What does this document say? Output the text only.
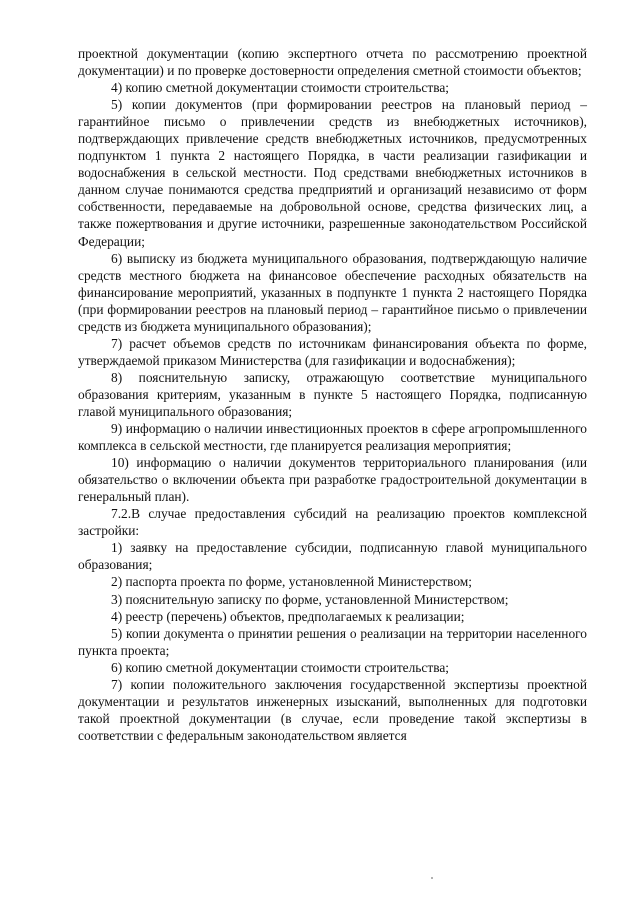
проектной документации (копию экспертного отчета по рассмотрению проектной документации) и по проверке достоверности определения сметной стоимости объектов;

4) копию сметной документации стоимости строительства;

5) копии документов (при формировании реестров на плановый период – гарантийное письмо о привлечении средств из внебюджетных источников), подтверждающих привлечение средств внебюджетных источников, предусмотренных подпунктом 1 пункта 2 настоящего Порядка, в части реализации газификации и водоснабжения в сельской местности. Под средствами внебюджетных источников в данном случае понимаются средства предприятий и организаций независимо от форм собственности, передаваемые на добровольной основе, средства физических лиц, а также пожертвования и другие источники, разрешенные законодательством Российской Федерации;

6) выписку из бюджета муниципального образования, подтверждающую наличие средств местного бюджета на финансовое обеспечение расходных обязательств на финансирование мероприятий, указанных в подпункте 1 пункта 2 настоящего Порядка (при формировании реестров на плановый период – гарантийное письмо о привлечении средств из бюджета муниципального образования);

7) расчет объемов средств по источникам финансирования объекта по форме, утверждаемой приказом Министерства (для газификации и водоснабжения);

8) пояснительную записку, отражающую соответствие муниципального образования критериям, указанным в пункте 5 настоящего Порядка, подписанную главой муниципального образования;

9) информацию о наличии инвестиционных проектов в сфере агропромышленного комплекса в сельской местности, где планируется реализация мероприятия;

10) информацию о наличии документов территориального планирования (или обязательство о включении объекта при разработке градостроительной документации в генеральный план).

7.2.В случае предоставления субсидий на реализацию проектов комплексной застройки:

1) заявку на предоставление субсидии, подписанную главой муниципального образования;

2) паспорта проекта по форме, установленной Министерством;

3) пояснительную записку по форме, установленной Министерством;

4) реестр (перечень) объектов, предполагаемых к реализации;

5) копии документа о принятии решения о реализации на территории населенного пункта проекта;

6) копию сметной документации стоимости строительства;

7) копии положительного заключения государственной экспертизы проектной документации и результатов инженерных изысканий, выполненных для подготовки такой проектной документации (в случае, если проведение такой экспертизы в соответствии с федеральным законодательством является
